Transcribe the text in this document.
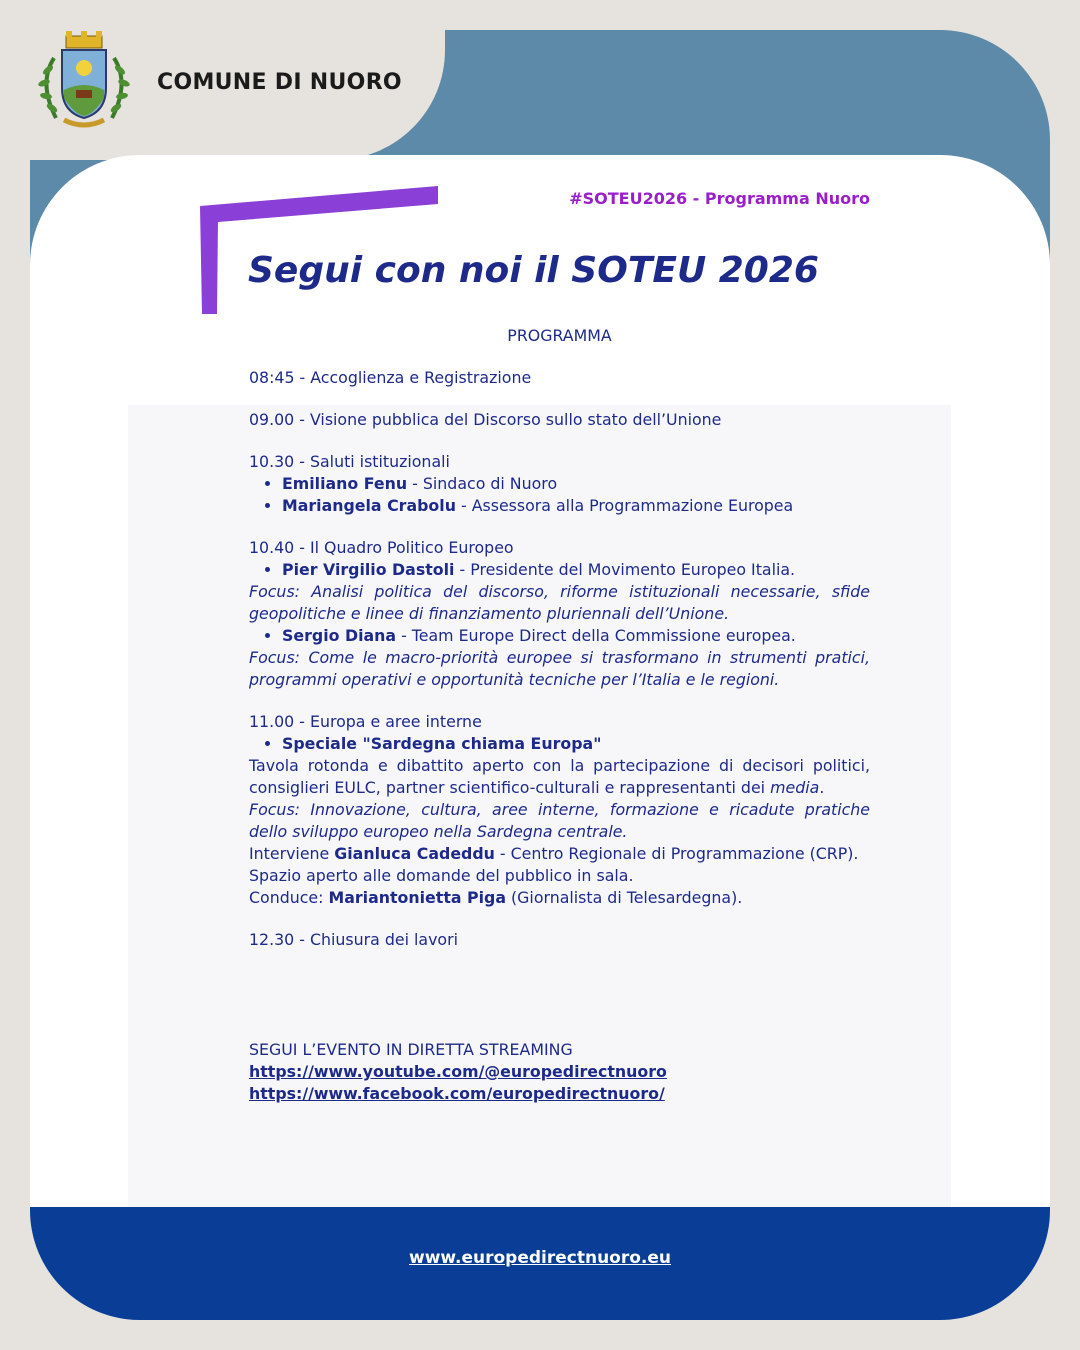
COMUNE DI NUORO
www.europedirectnuoro.eu
#SOTEU2026 - Programma Nuoro
Segui con noi il SOTEU 2026
PROGRAMMA
08:45 - Accoglienza e Registrazione
09.00 - Visione pubblica del Discorso sullo stato dell’Unione
10.30 - Saluti istituzionali
• Emiliano Fenu - Sindaco di Nuoro
• Mariangela Crabolu - Assessora alla Programmazione Europea
10.40 - Il Quadro Politico Europeo
• Pier Virgilio Dastoli - Presidente del Movimento Europeo Italia.
Focus: Analisi politica del discorso, riforme istituzionali necessarie, sfide geopolitiche e linee di finanziamento pluriennali dell’Unione.
• Sergio Diana - Team Europe Direct della Commissione europea.
Focus: Come le macro-priorità europee si trasformano in strumenti pratici, programmi operativi e opportunità tecniche per l’Italia e le regioni.
11.00 - Europa e aree interne
• Speciale "Sardegna chiama Europa"
Tavola rotonda e dibattito aperto con la partecipazione di decisori politici, consiglieri EULC, partner scientifico-culturali e rappresentanti dei media.
Focus: Innovazione, cultura, aree interne, formazione e ricadute pratiche dello sviluppo europeo nella Sardegna centrale.
Interviene Gianluca Cadeddu - Centro Regionale di Programmazione (CRP).
Spazio aperto alle domande del pubblico in sala.
Conduce: Mariantonietta Piga (Giornalista di Telesardegna).
12.30 - Chiusura dei lavori
SEGUI L’EVENTO IN DIRETTA STREAMING
https://www.youtube.com/@europedirectnuoro
https://www.facebook.com/europedirectnuoro/
